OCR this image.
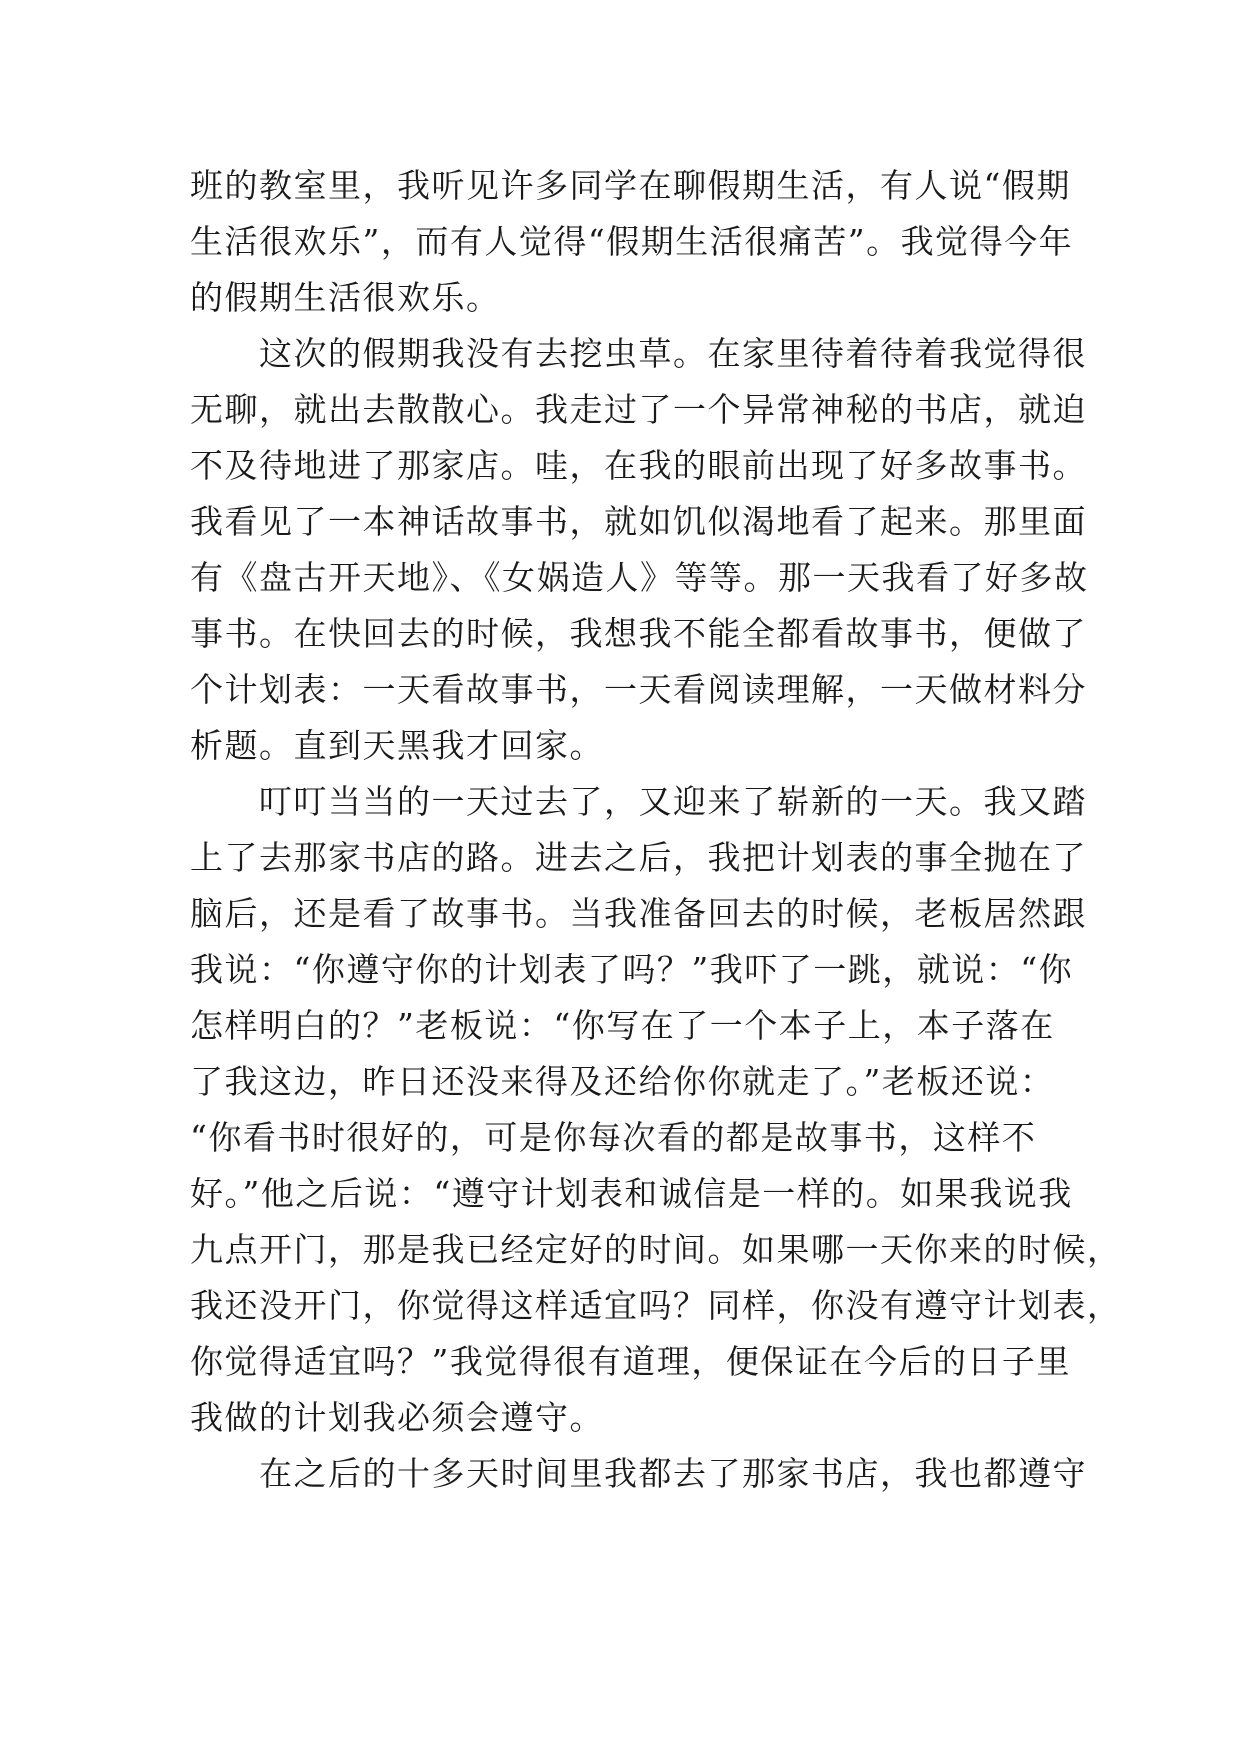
班的教室里，我听见许多同学在聊假期生活，有人说“假期
生活很欢乐”，而有人觉得“假期生活很痛苦”。我觉得今年
的假期生活很欢乐。
　　这次的假期我没有去挖虫草。在家里待着待着我觉得很
无聊，就出去散散心。我走过了一个异常神秘的书店，就迫
不及待地进了那家店。哇，在我的眼前出现了好多故事书。
我看见了一本神话故事书，就如饥似渴地看了起来。那里面
有《盘古开天地》、《女娲造人》等等。那一天我看了好多故
事书。在快回去的时候，我想我不能全都看故事书，便做了
个计划表：一天看故事书，一天看阅读理解，一天做材料分
析题。直到天黑我才回家。
　　叮叮当当的一天过去了，又迎来了崭新的一天。我又踏
上了去那家书店的路。进去之后，我把计划表的事全抛在了
脑后，还是看了故事书。当我准备回去的时候，老板居然跟
我说：“你遵守你的计划表了吗？”我吓了一跳，就说：“你
怎样明白的？”老板说：“你写在了一个本子上，本子落在
了我这边，昨日还没来得及还给你你就走了。”老板还说：
“你看书时很好的，可是你每次看的都是故事书，这样不
好。”他之后说：“遵守计划表和诚信是一样的。如果我说我
九点开门，那是我已经定好的时间。如果哪一天你来的时候，
我还没开门，你觉得这样适宜吗？同样，你没有遵守计划表，
你觉得适宜吗？”我觉得很有道理，便保证在今后的日子里
我做的计划我必须会遵守。
　　在之后的十多天时间里我都去了那家书店，我也都遵守
